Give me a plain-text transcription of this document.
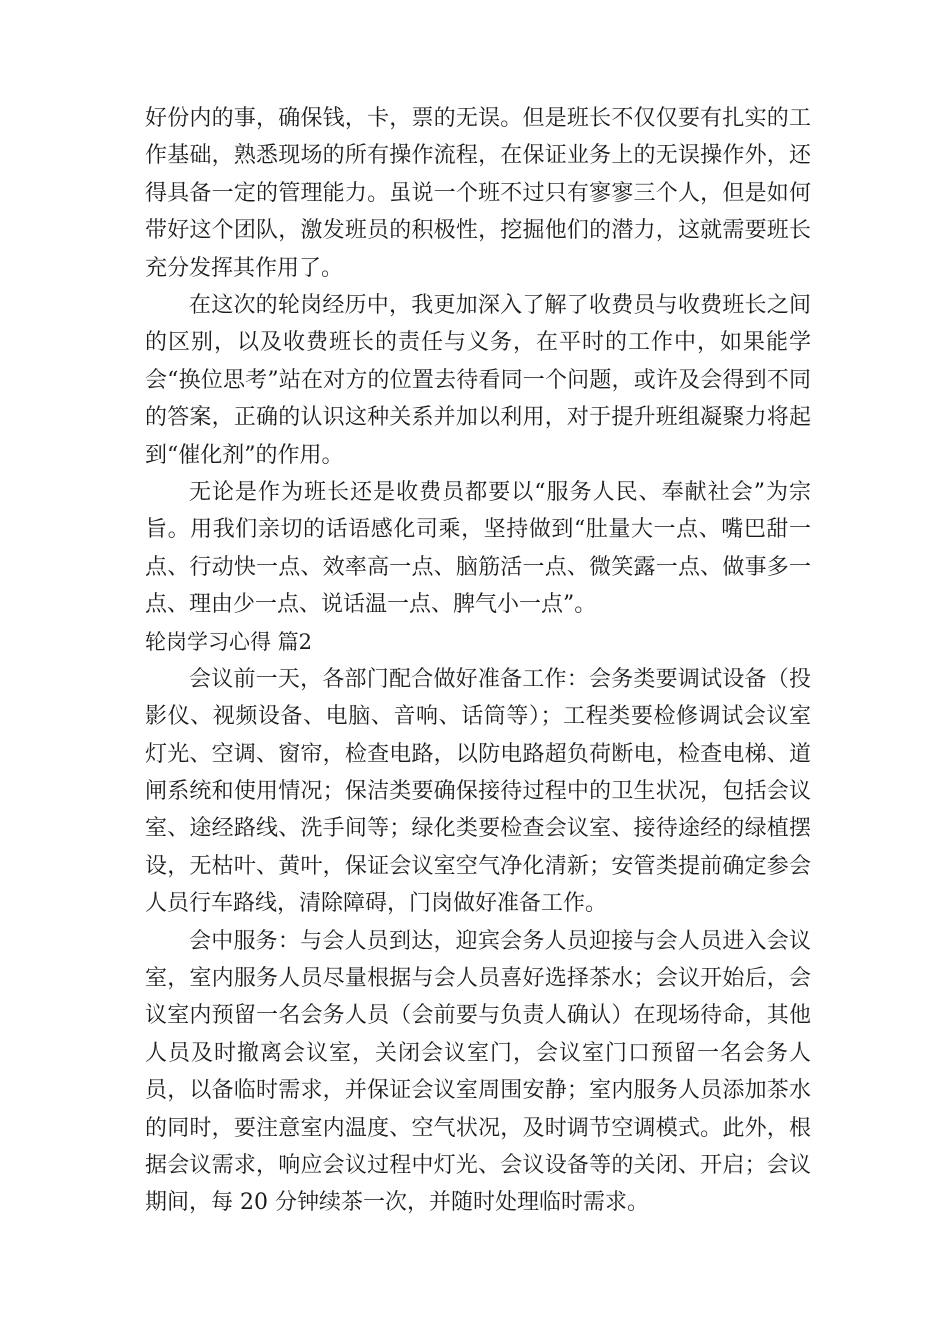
好份内的事，确保钱，卡，票的无误。但是班长不仅仅要有扎实的工作基础，熟悉现场的所有操作流程，在保证业务上的无误操作外，还得具备一定的管理能力。虽说一个班不过只有寥寥三个人，但是如何带好这个团队，激发班员的积极性，挖掘他们的潜力，这就需要班长充分发挥其作用了。

在这次的轮岗经历中，我更加深入了解了收费员与收费班长之间的区别，以及收费班长的责任与义务，在平时的工作中，如果能学会“换位思考”站在对方的位置去待看同一个问题，或许及会得到不同的答案，正确的认识这种关系并加以利用，对于提升班组凝聚力将起到“催化剂”的作用。

无论是作为班长还是收费员都要以“服务人民、奉献社会”为宗旨。用我们亲切的话语感化司乘，坚持做到“肚量大一点、嘴巴甜一点、行动快一点、效率高一点、脑筋活一点、微笑露一点、做事多一点、理由少一点、说话温一点、脾气小一点”。

轮岗学习心得 篇2

会议前一天，各部门配合做好准备工作：会务类要调试设备（投影仪、视频设备、电脑、音响、话筒等）；工程类要检修调试会议室灯光、空调、窗帘，检查电路，以防电路超负荷断电，检查电梯、道闸系统和使用情况；保洁类要确保接待过程中的卫生状况，包括会议室、途经路线、洗手间等；绿化类要检查会议室、接待途经的绿植摆设，无枯叶、黄叶，保证会议室空气净化清新；安管类提前确定参会人员行车路线，清除障碍，门岗做好准备工作。

会中服务：与会人员到达，迎宾会务人员迎接与会人员进入会议室，室内服务人员尽量根据与会人员喜好选择茶水；会议开始后，会议室内预留一名会务人员（会前要与负责人确认）在现场待命，其他人员及时撤离会议室，关闭会议室门，会议室门口预留一名会务人员，以备临时需求，并保证会议室周围安静；室内服务人员添加茶水的同时，要注意室内温度、空气状况，及时调节空调模式。此外，根据会议需求，响应会议过程中灯光、会议设备等的关闭、开启；会议期间，每 20 分钟续茶一次，并随时处理临时需求。
